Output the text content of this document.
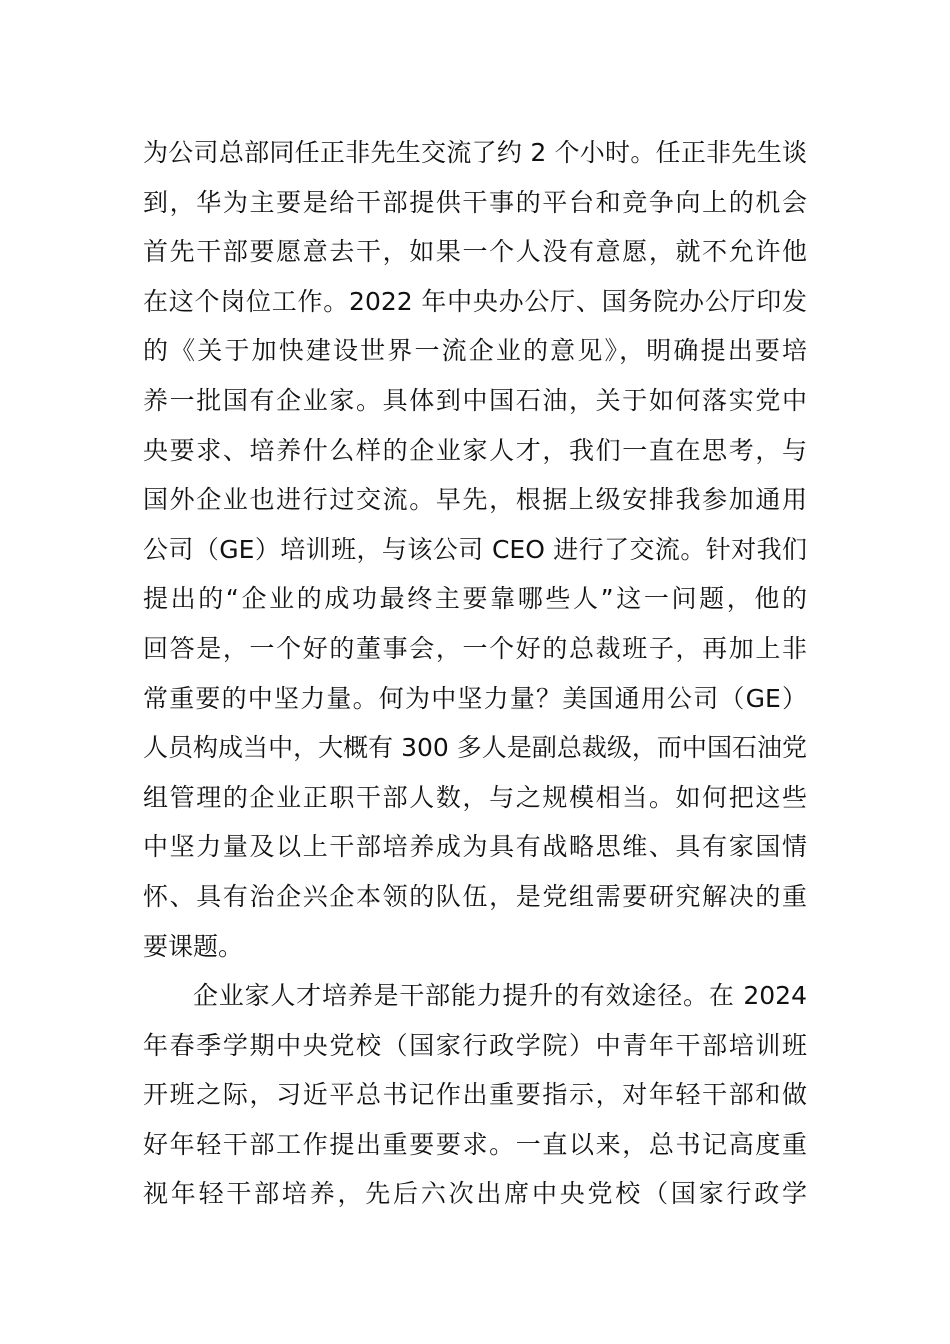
为公司总部同任正非先生交流了约 2 个小时。任正非先生谈
到，华为主要是给干部提供干事的平台和竞争向上的机会
首先干部要愿意去干，如果一个人没有意愿，就不允许他
在这个岗位工作。2022 年中央办公厅、国务院办公厅印发
的《关于加快建设世界一流企业的意见》，明确提出要培
养一批国有企业家。具体到中国石油，关于如何落实党中
央要求、培养什么样的企业家人才，我们一直在思考，与
国外企业也进行过交流。早先，根据上级安排我参加通用
公司（GE）培训班，与该公司 CEO 进行了交流。针对我们
提出的“企业的成功最终主要靠哪些人”这一问题，他的
回答是，一个好的董事会，一个好的总裁班子，再加上非
常重要的中坚力量。何为中坚力量？美国通用公司（GE）
人员构成当中，大概有 300 多人是副总裁级，而中国石油党
组管理的企业正职干部人数，与之规模相当。如何把这些
中坚力量及以上干部培养成为具有战略思维、具有家国情
怀、具有治企兴企本领的队伍，是党组需要研究解决的重
要课题。
企业家人才培养是干部能力提升的有效途径。在 2024
年春季学期中央党校（国家行政学院）中青年干部培训班
开班之际，习近平总书记作出重要指示，对年轻干部和做
好年轻干部工作提出重要要求。一直以来，总书记高度重
视年轻干部培养，先后六次出席中央党校（国家行政学
